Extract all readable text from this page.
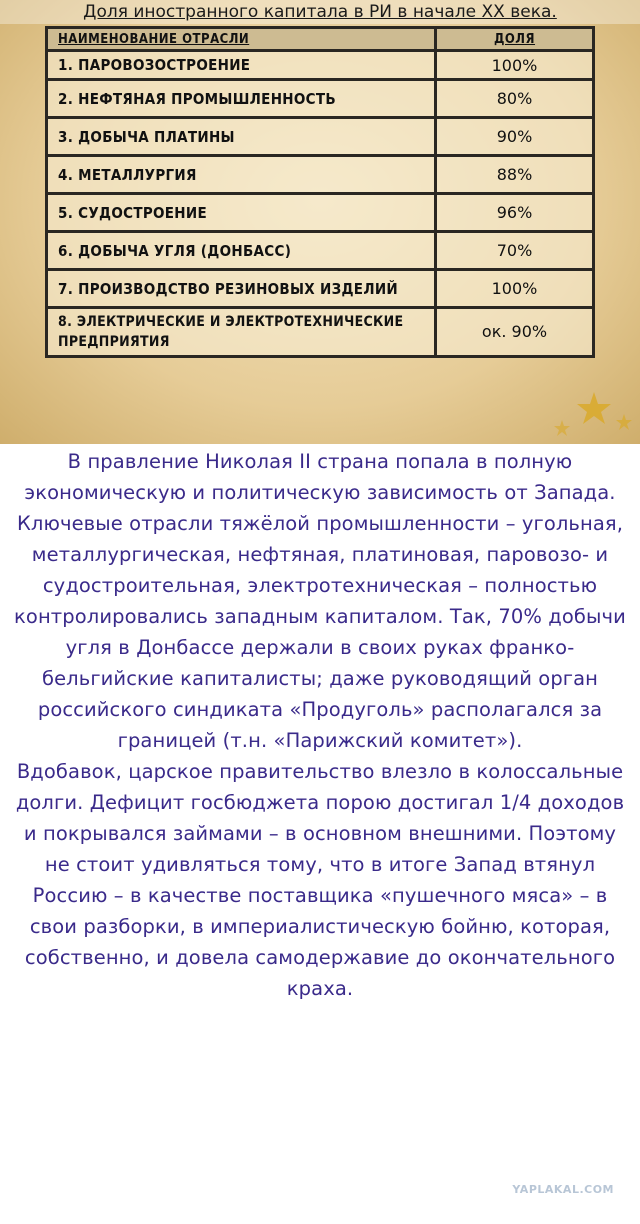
Доля иностранного капитала в РИ в начале XX века.
НАИМЕНОВАНИЕ ОТРАСЛИ	ДОЛЯ
1. ПАРОВОЗОСТРОЕНИЕ	100%
2. НЕФТЯНАЯ ПРОМЫШЛЕННОСТЬ	80%
3. ДОБЫЧА ПЛАТИНЫ	90%
4. МЕТАЛЛУРГИЯ	88%
5. СУДОСТРОЕНИЕ	96%
6. ДОБЫЧА УГЛЯ (ДОНБАСС)	70%
7. ПРОИЗВОДСТВО РЕЗИНОВЫХ ИЗДЕЛИЙ	100%
8. ЭЛЕКТРИЧЕСКИЕ И ЭЛЕКТРОТЕХНИЧЕСКИЕ ПРЕДПРИЯТИЯ	ок. 90%

В правление Николая II страна попала в полную экономическую и политическую зависимость от Запада. Ключевые отрасли тяжёлой промышленности – угольная, металлургическая, нефтяная, платиновая, паровозо- и судостроительная, электротехническая – полностью контролировались западным капиталом. Так, 70% добычи угля в Донбассе держали в своих руках франко-бельгийские капиталисты; даже руководящий орган российского синдиката «Продуголь» располагался за границей (т.н. «Парижский комитет»).

Вдобавок, царское правительство влезло в колоссальные долги. Дефицит госбюджета порою достигал 1/4 доходов и покрывался займами – в основном внешними. Поэтому не стоит удивляться тому, что в итоге Запад втянул Россию – в качестве поставщика «пушечного мяса» – в свои разборки, в империалистическую бойню, которая, собственно, и довела самодержавие до окончательного краха.

YAPLAKAL.COM
